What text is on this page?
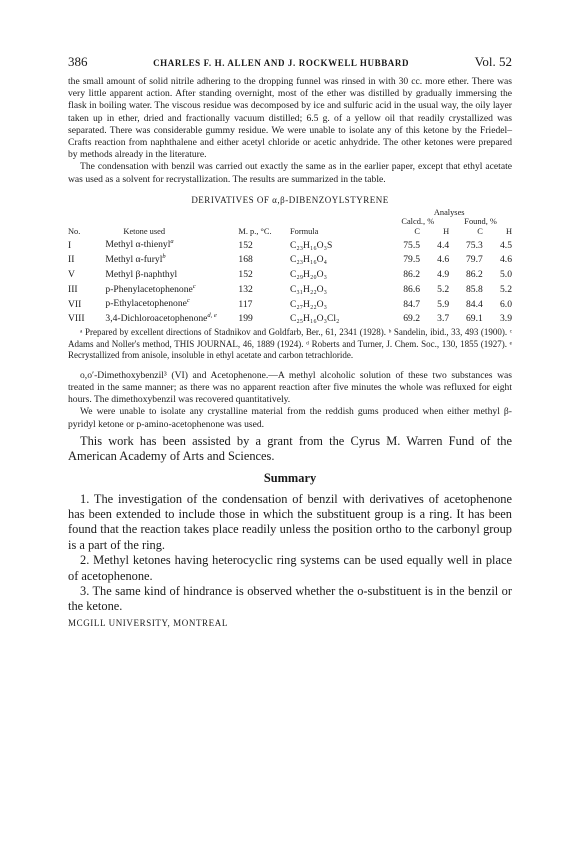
386	CHARLES F. H. ALLEN AND J. ROCKWELL HUBBARD	Vol. 52

the small amount of solid nitrile adhering to the dropping funnel was rinsed in with 30 cc. more ether. There was very little apparent action. After standing overnight, most of the ether was distilled by gradually immersing the flask in boiling water. The viscous residue was decomposed by ice and sulfuric acid in the usual way, the oily layer taken up in ether, dried and fractionally vacuum distilled; 6.5 g. of a yellow oil that readily crystallized was separated. There was considerable gummy residue. We were unable to isolate any of this ketone by the Friedel–Crafts reaction from naphthalene and either acetyl chloride or acetic anhydride. The other ketones were prepared by methods already in the literature.

The condensation with benzil was carried out exactly the same as in the earlier paper, except that ethyl acetate was used as a solvent for recrystallization. The results are summarized in the table.

DERIVATIVES OF α,β-DIBENZOYLSTYRENE
				Analyses			
				Calcd., %		Found, %	
No.	Ketone used	M. p., °C.	Formula	C	H	C	H
I	Methyl α-thienyl$^a$	152	C₂₃H₁₆O₃S	75.5	4.4	75.3	4.5
II	Methyl α-furyl$^b$	168	C₂₃H₁₆O₄	79.5	4.6	79.7	4.6
V	Methyl β-naphthyl	152	C₂₉H₂₀O₃	86.2	4.9	86.2	5.0
III	p-Phenylacetophenone$^c$	132	C₃₁H₂₂O₃	86.6	5.2	85.8	5.2
VII	p-Ethylacetophenone$^c$	117	C₂₇H₂₂O₃	84.7	5.9	84.4	6.0
VIII	3,4-Dichloroacetophenone$^{d, e}$	199	C₂₅H₁₆O₃Cl₂	69.2	3.7	69.1	3.9

ᵃ Prepared by excellent directions of Stadnikov and Goldfarb, Ber., 61, 2341 (1928). ᵇ Sandelin, ibid., 33, 493 (1900). ᶜ Adams and Noller's method, THIS JOURNAL, 46, 1889 (1924). ᵈ Roberts and Turner, J. Chem. Soc., 130, 1855 (1927). ᵉ Recrystallized from anisole, insoluble in ethyl acetate and carbon tetrachloride.

o,o′-Dimethoxybenzil³ (VI) and Acetophenone.—A methyl alcoholic solution of these two substances was treated in the same manner; as there was no apparent reaction after five minutes the whole was refluxed for eight hours. The dimethoxybenzil was recovered quantitatively.

We were unable to isolate any crystalline material from the reddish gums produced when either methyl β-pyridyl ketone or p-amino-acetophenone was used.

This work has been assisted by a grant from the Cyrus M. Warren Fund of the American Academy of Arts and Sciences.

Summary

1. The investigation of the condensation of benzil with derivatives of acetophenone has been extended to include those in which the substituent group is a ring. It has been found that the reaction takes place readily unless the position ortho to the carbonyl group is a part of the ring.

2. Methyl ketones having heterocyclic ring systems can be used equally well in place of acetophenone.

3. The same kind of hindrance is observed whether the o-substituent is in the benzil or the ketone.

MCGILL UNIVERSITY, MONTREAL
